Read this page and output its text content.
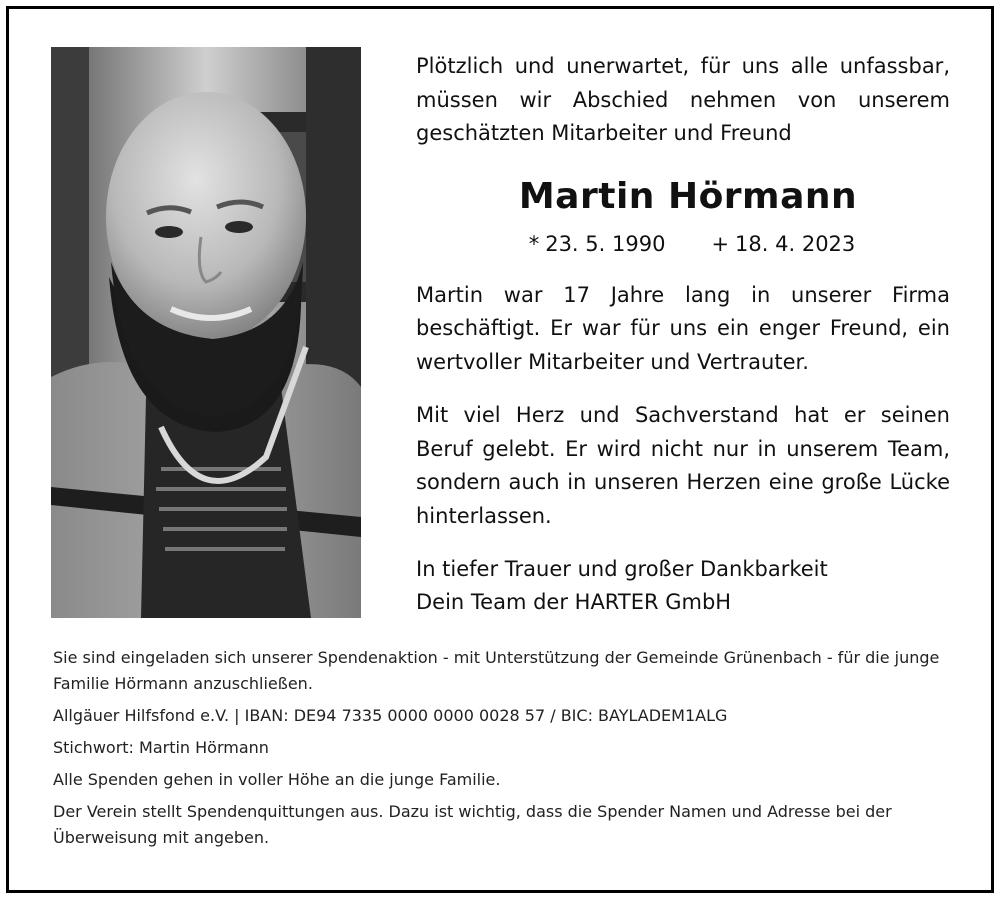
Plötzlich und unerwartet, für uns alle unfassbar, müssen wir Abschied nehmen von unserem geschätzten Mitarbeiter und Freund

Martin Hörmann
* 23. 5. 1990 + 18. 4. 2023

Martin war 17 Jahre lang in unserer Firma beschäftigt. Er war für uns ein enger Freund, ein wertvoller Mitarbeiter und Vertrauter.

Mit viel Herz und Sachverstand hat er seinen Beruf gelebt. Er wird nicht nur in unserem Team, sondern auch in unseren Herzen eine große Lücke hinterlassen.

In tiefer Trauer und großer Dankbarkeit

Dein Team der HARTER GmbH

Sie sind eingeladen sich unserer Spendenaktion - mit Unterstützung der Gemeinde Grünenbach - für die junge Familie Hörmann anzuschließen.

Allgäuer Hilfsfond e.V. | IBAN: DE94 7335 0000 0000 0028 57 / BIC: BAYLADEM1ALG

Stichwort: Martin Hörmann

Alle Spenden gehen in voller Höhe an die junge Familie.

Der Verein stellt Spendenquittungen aus. Dazu ist wichtig, dass die Spender Namen und Adresse bei der Überweisung mit angeben.
